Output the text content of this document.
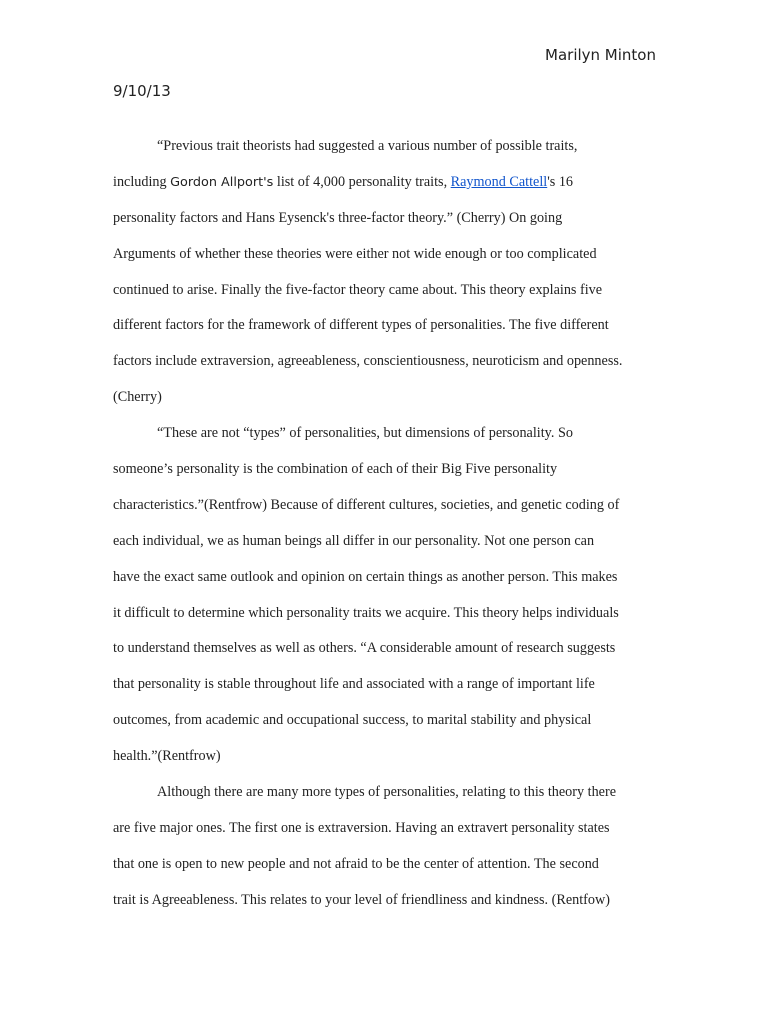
Marilyn Minton

9/10/13

“Previous trait theorists had suggested a various number of possible traits,
including Gordon Allport's list of 4,000 personality traits, Raymond Cattell's 16
personality factors and Hans Eysenck's three-factor theory.” (Cherry) On going
Arguments of whether these theories were either not wide enough or too complicated
continued to arise. Finally the five-factor theory came about. This theory explains five
different factors for the framework of different types of personalities. The five different
factors include extraversion, agreeableness, conscientiousness, neuroticism and openness.
(Cherry)
“These are not “types” of personalities, but dimensions of personality. So
someone’s personality is the combination of each of their Big Five personality
characteristics.”(Rentfrow) Because of different cultures, societies, and genetic coding of
each individual, we as human beings all differ in our personality. Not one person can
have the exact same outlook and opinion on certain things as another person. This makes
it difficult to determine which personality traits we acquire. This theory helps individuals
to understand themselves as well as others. “A considerable amount of research suggests
that personality is stable throughout life and associated with a range of important life
outcomes, from academic and occupational success, to marital stability and physical
health.”(Rentfrow)
Although there are many more types of personalities, relating to this theory there
are five major ones. The first one is extraversion. Having an extravert personality states
that one is open to new people and not afraid to be the center of attention. The second
trait is Agreeableness. This relates to your level of friendliness and kindness. (Rentfow)
